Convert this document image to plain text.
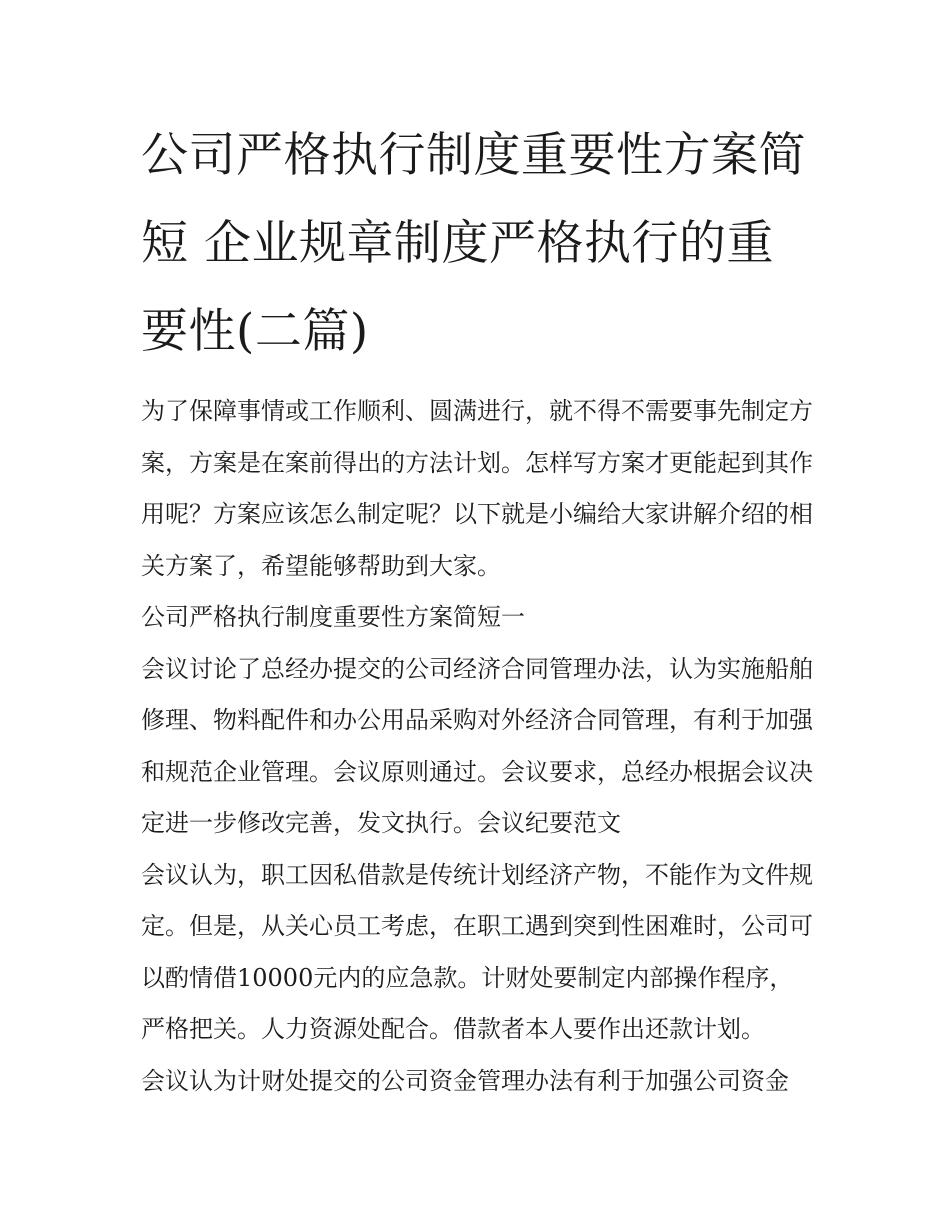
公司严格执行制度重要性方案简短 企业规章制度严格执行的重要性(二篇)

为了保障事情或工作顺利、圆满进行，就不得不需要事先制定方案，方案是在案前得出的方法计划。怎样写方案才更能起到其作用呢？方案应该怎么制定呢？以下就是小编给大家讲解介绍的相关方案了，希望能够帮助到大家。

公司严格执行制度重要性方案简短一

会议讨论了总经办提交的公司经济合同管理办法，认为实施船舶修理、物料配件和办公用品采购对外经济合同管理，有利于加强和规范企业管理。会议原则通过。会议要求，总经办根据会议决定进一步修改完善，发文执行。会议纪要范文

会议认为，职工因私借款是传统计划经济产物，不能作为文件规定。但是，从关心员工考虑，在职工遇到突到性困难时，公司可以酌情借10000元内的应急款。计财处要制定内部操作程序，严格把关。人力资源处配合。借款者本人要作出还款计划。

会议认为计财处提交的公司资金管理办法有利于加强公司资金
